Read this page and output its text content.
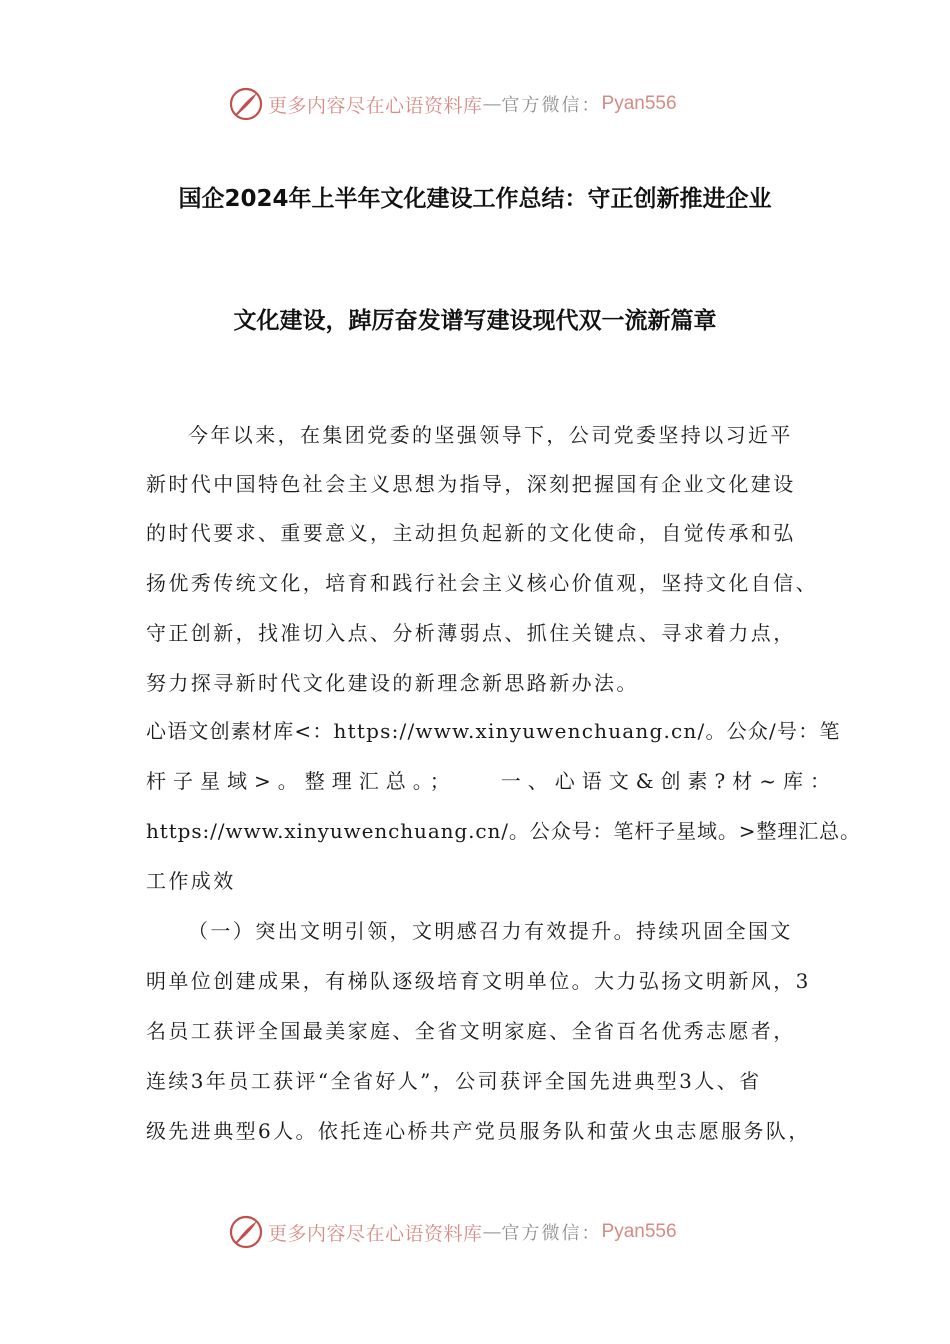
更多内容尽在心语资料库 — 官方微信： Pyan556
国企2024年上半年文化建设工作总结：守正创新推进企业
文化建设，踔厉奋发谱写建设现代双一流新篇章
今年以来，在集团党委的坚强领导下，公司党委坚持以习近平
新时代中国特色社会主义思想为指导，深刻把握国有企业文化建设
的时代要求、重要意义，主动担负起新的文化使命，自觉传承和弘
扬优秀传统文化，培育和践行社会主义核心价值观，坚持文化自信、
守正创新，找准切入点、分析薄弱点、抓住关键点、寻求着力点，
努力探寻新时代文化建设的新理念新思路新办法。
心语文创素材库<：https://www.xinyuwenchuang.cn/。公众/号：笔
杆子星域>。整理汇总。；　　一、心语文&创素?材~库：
https://www.xinyuwenchuang.cn/。公众号：笔杆子星域。>整理汇总。
工作成效
（一）突出文明引领，文明感召力有效提升。持续巩固全国文
明单位创建成果，有梯队逐级培育文明单位。大力弘扬文明新风，3
名员工获评全国最美家庭、全省文明家庭、全省百名优秀志愿者，
连续3年员工获评“全省好人”，公司获评全国先进典型3人、省
级先进典型6人。依托连心桥共产党员服务队和萤火虫志愿服务队，
更多内容尽在心语资料库 — 官方微信： Pyan556
